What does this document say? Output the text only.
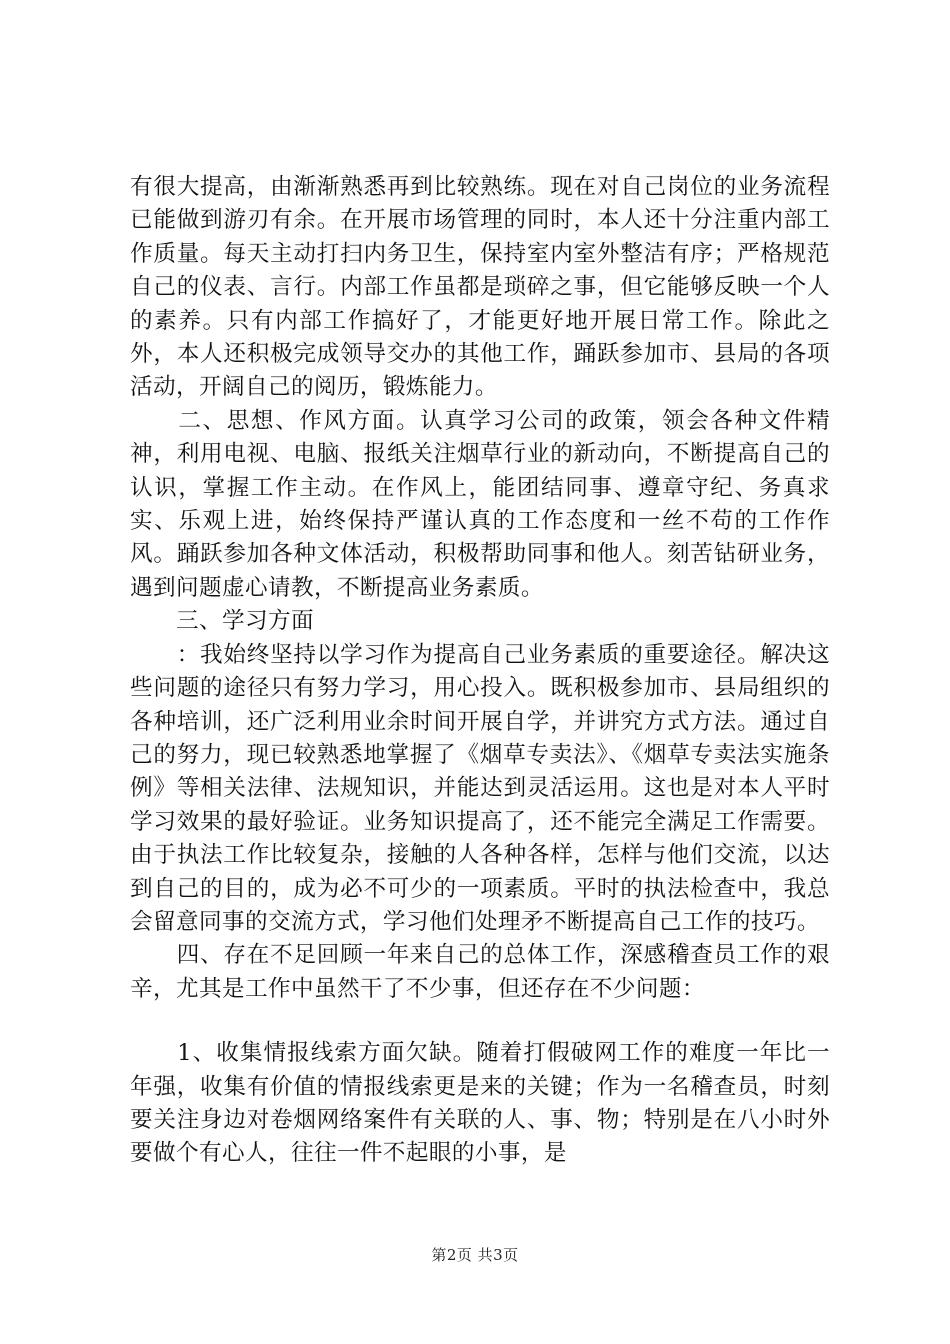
有很大提高，由渐渐熟悉再到比较熟练。现在对自己岗位的业务流程已能做到游刃有余。在开展市场管理的同时，本人还十分注重内部工作质量。每天主动打扫内务卫生，保持室内室外整洁有序；严格规范自己的仪表、言行。内部工作虽都是琐碎之事，但它能够反映一个人的素养。只有内部工作搞好了，才能更好地开展日常工作。除此之外，本人还积极完成领导交办的其他工作，踊跃参加市、县局的各项活动，开阔自己的阅历，锻炼能力。

　　二、思想、作风方面。认真学习公司的政策，领会各种文件精神，利用电视、电脑、报纸关注烟草行业的新动向，不断提高自己的认识，掌握工作主动。在作风上，能团结同事、遵章守纪、务真求实、乐观上进，始终保持严谨认真的工作态度和一丝不苟的工作作风。踊跃参加各种文体活动，积极帮助同事和他人。刻苦钻研业务，遇到问题虚心请教，不断提高业务素质。

　　三、学习方面

　　：我始终坚持以学习作为提高自己业务素质的重要途径。解决这些问题的途径只有努力学习，用心投入。既积极参加市、县局组织的各种培训，还广泛利用业余时间开展自学，并讲究方式方法。通过自己的努力，现已较熟悉地掌握了《烟草专卖法》、《烟草专卖法实施条例》等相关法律、法规知识，并能达到灵活运用。这也是对本人平时学习效果的最好验证。业务知识提高了，还不能完全满足工作需要。由于执法工作比较复杂，接触的人各种各样，怎样与他们交流，以达到自己的目的，成为必不可少的一项素质。平时的执法检查中，我总会留意同事的交流方式，学习他们处理矛不断提高自己工作的技巧。

　　四、存在不足回顾一年来自己的总体工作，深感稽查员工作的艰辛，尤其是工作中虽然干了不少事，但还存在不少问题：

　　1、收集情报线索方面欠缺。随着打假破网工作的难度一年比一年强，收集有价值的情报线索更是来的关键；作为一名稽查员，时刻要关注身边对卷烟网络案件有关联的人、事、物；特别是在八小时外要做个有心人，往往一件不起眼的小事，是

第2页 共3页
